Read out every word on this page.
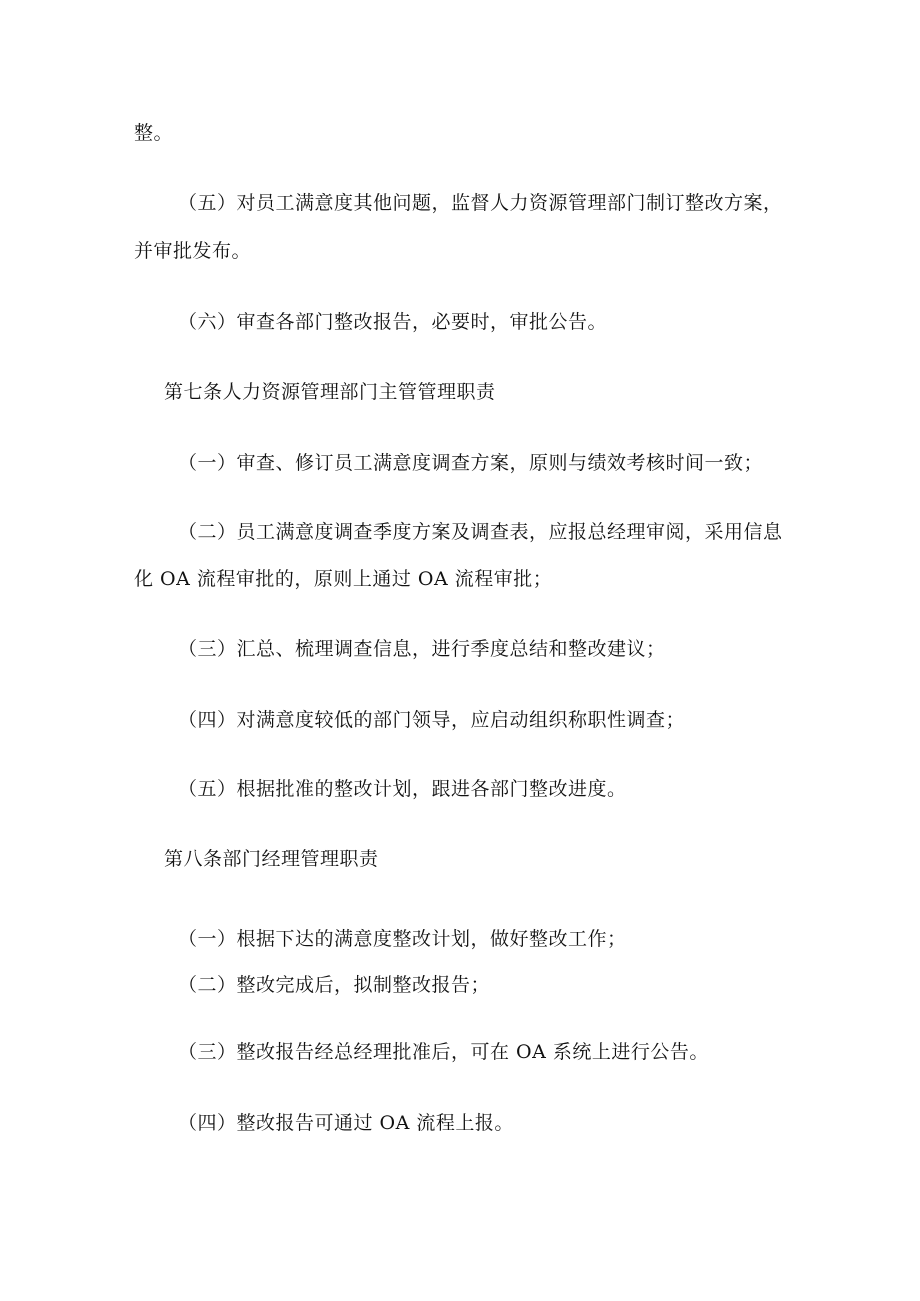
整。
（五）对员工满意度其他问题，监督人力资源管理部门制订整改方案，
并审批发布。
（六）审查各部门整改报告，必要时，审批公告。
第七条人力资源管理部门主管管理职责
（一）审查、修订员工满意度调查方案，原则与绩效考核时间一致；
（二）员工满意度调查季度方案及调查表，应报总经理审阅，采用信息
化 OA 流程审批的，原则上通过 OA 流程审批；
（三）汇总、梳理调查信息，进行季度总结和整改建议；
（四）对满意度较低的部门领导，应启动组织称职性调查；
（五）根据批准的整改计划，跟进各部门整改进度。
第八条部门经理管理职责
（一）根据下达的满意度整改计划，做好整改工作；
（二）整改完成后，拟制整改报告；
（三）整改报告经总经理批准后，可在 OA 系统上进行公告。
（四）整改报告可通过 OA 流程上报。
